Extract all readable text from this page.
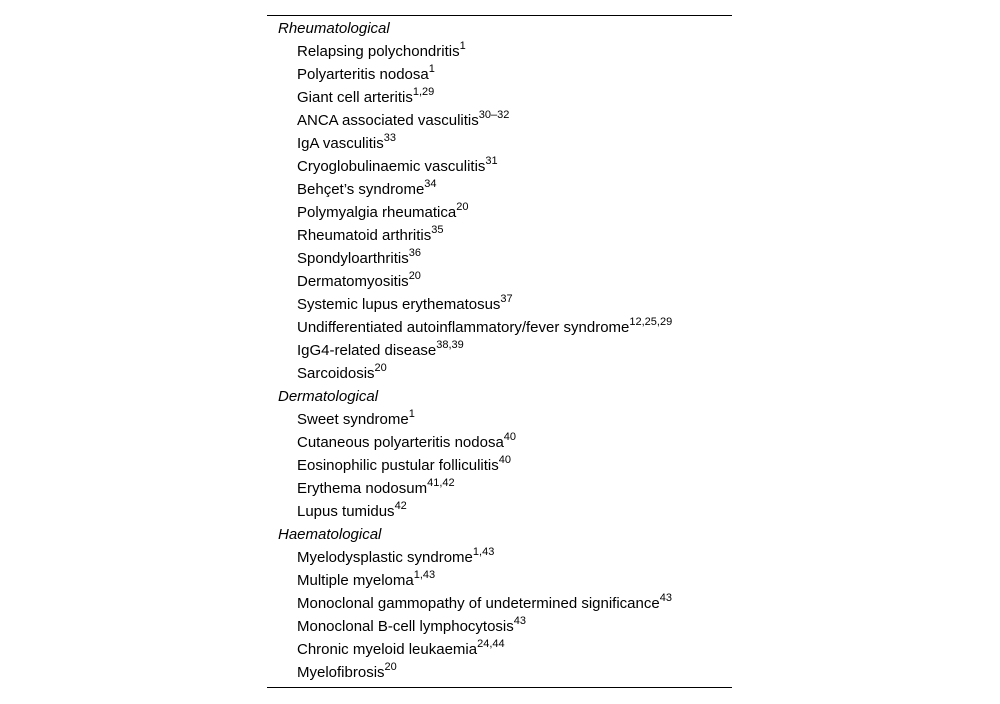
Rheumatological
Relapsing polychondritis$^1$
Polyarteritis nodosa$^1$
Giant cell arteritis$^{1,29}$
ANCA associated vasculitis$^{30-32}$
IgA vasculitis$^{33}$
Cryoglobulinaemic vasculitis$^{31}$
Behçet’s syndrome$^{34}$
Polymyalgia rheumatica$^{20}$
Rheumatoid arthritis$^{35}$
Spondyloarthritis$^{36}$
Dermatomyositis$^{20}$
Systemic lupus erythematosus$^{37}$
Undifferentiated autoinflammatory/fever syndrome$^{12,25,29}$
IgG4-related disease$^{38,39}$
Sarcoidosis$^{20}$
Dermatological
Sweet syndrome$^1$
Cutaneous polyarteritis nodosa$^{40}$
Eosinophilic pustular folliculitis$^{40}$
Erythema nodosum$^{41,42}$
Lupus tumidus$^{42}$
Haematological
Myelodysplastic syndrome$^{1,43}$
Multiple myeloma$^{1,43}$
Monoclonal gammopathy of undetermined significance$^{43}$
Monoclonal B-cell lymphocytosis$^{43}$
Chronic myeloid leukaemia$^{24,44}$
Myelofibrosis$^{20}$
